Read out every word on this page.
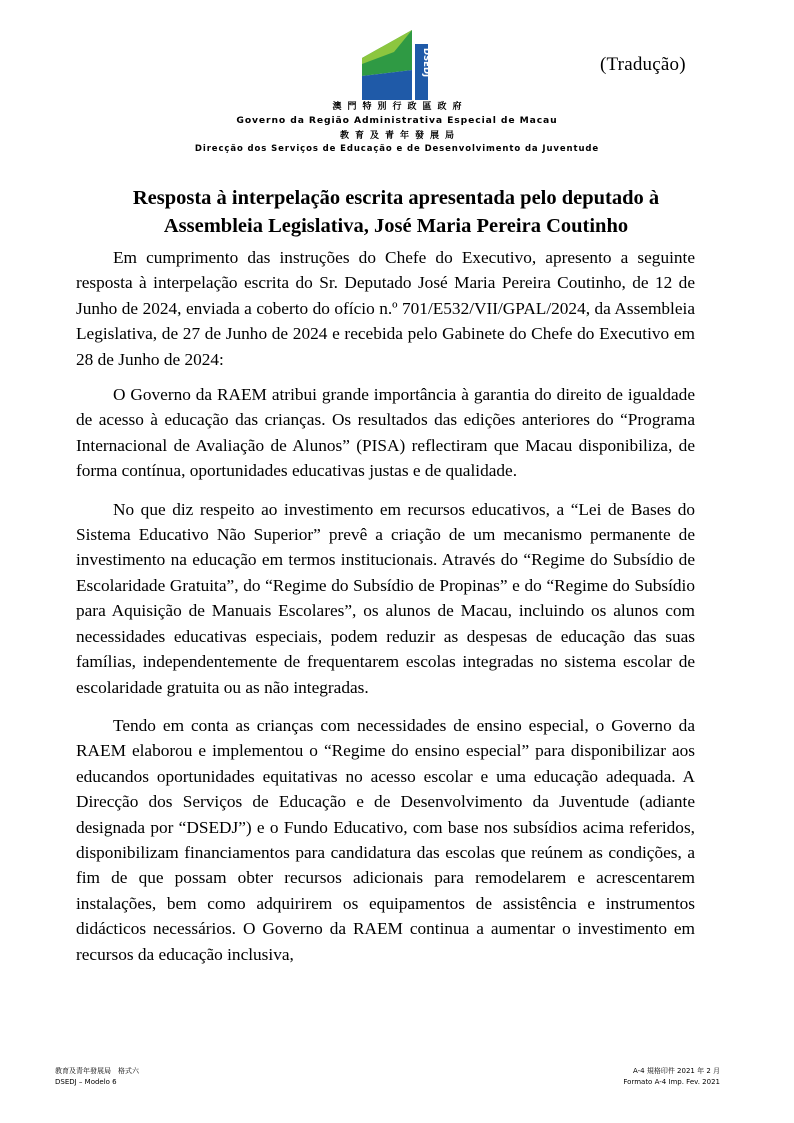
(Tradução)
DSEDJ
澳門特別行政區政府
Governo da Região Administrativa Especial de Macau
教育及青年發展局
Direcção dos Serviços de Educação e de Desenvolvimento da Juventude
Resposta à interpelação escrita apresentada pelo deputado à
Assembleia Legislativa, José Maria Pereira Coutinho

Em cumprimento das instruções do Chefe do Executivo, apresento a seguinte resposta à interpelação escrita do Sr. Deputado José Maria Pereira Coutinho, de 12 de Junho de 2024, enviada a coberto do ofício n.º 701/E532/VII/GPAL/2024, da Assembleia Legislativa, de 27 de Junho de 2024 e recebida pelo Gabinete do Chefe do Executivo em 28 de Junho de 2024:

O Governo da RAEM atribui grande importância à garantia do direito de igualdade de acesso à educação das crianças. Os resultados das edições anteriores do “Programa Internacional de Avaliação de Alunos” (PISA) reflectiram que Macau disponibiliza, de forma contínua, oportunidades educativas justas e de qualidade.

No que diz respeito ao investimento em recursos educativos, a “Lei de Bases do Sistema Educativo Não Superior” prevê a criação de um mecanismo permanente de investimento na educação em termos institucionais. Através do “Regime do Subsídio de Escolaridade Gratuita”, do “Regime do Subsídio de Propinas” e do “Regime do Subsídio para Aquisição de Manuais Escolares”, os alunos de Macau, incluindo os alunos com necessidades educativas especiais, podem reduzir as despesas de educação das suas famílias, independentemente de frequentarem escolas integradas no sistema escolar de escolaridade gratuita ou as não integradas.

Tendo em conta as crianças com necessidades de ensino especial, o Governo da RAEM elaborou e implementou o “Regime do ensino especial” para disponibilizar aos educandos oportunidades equitativas no acesso escolar e uma educação adequada. A Direcção dos Serviços de Educação e de Desenvolvimento da Juventude (adiante designada por “DSEDJ”) e o Fundo Educativo, com base nos subsídios acima referidos, disponibilizam financiamentos para candidatura das escolas que reúnem as condições, a fim de que possam obter recursos adicionais para remodelarem e acrescentarem instalações, bem como adquirirem os equipamentos de assistência e instrumentos didácticos necessários. O Governo da RAEM continua a aumentar o investimento em recursos da educação inclusiva,

教育及青年發展局　格式六
DSEDJ – Modelo 6
A-4 規格印件 2021 年 2 月
Formato A-4 Imp. Fev. 2021
